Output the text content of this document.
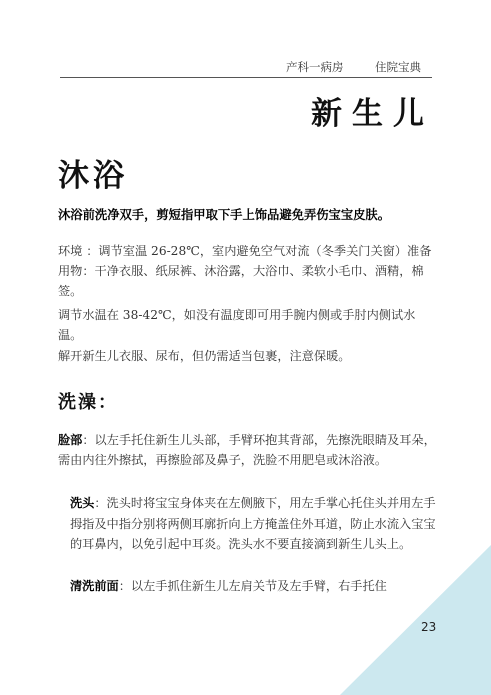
产科一病房	住院宝典
新生儿
沐浴
沐浴前洗净双手，剪短指甲取下手上饰品避免弄伤宝宝皮肤。

环境 ：调节室温 26-28℃，室内避免空气对流（冬季关门关窗）准备用物：干净衣服、纸尿裤、沐浴露，大浴巾、柔软小毛巾、酒精，棉签。

调节水温在 38-42℃，如没有温度即可用手腕内侧或手肘内侧试水温。

解开新生儿衣服、尿布，但仍需适当包裹，注意保暖。

洗澡：

脸部：以左手托住新生儿头部，手臂环抱其背部，先擦洗眼睛及耳朵，需由内往外擦拭，再擦脸部及鼻子，洗脸不用肥皂或沐浴液。

洗头：洗头时将宝宝身体夹在左侧腋下，用左手掌心托住头并用左手拇指及中指分别将两侧耳廓折向上方掩盖住外耳道，防止水流入宝宝的耳鼻内，以免引起中耳炎。洗头水不要直接滴到新生儿头上。

清洗前面：以左手抓住新生儿左肩关节及左手臂，右手托住

23
